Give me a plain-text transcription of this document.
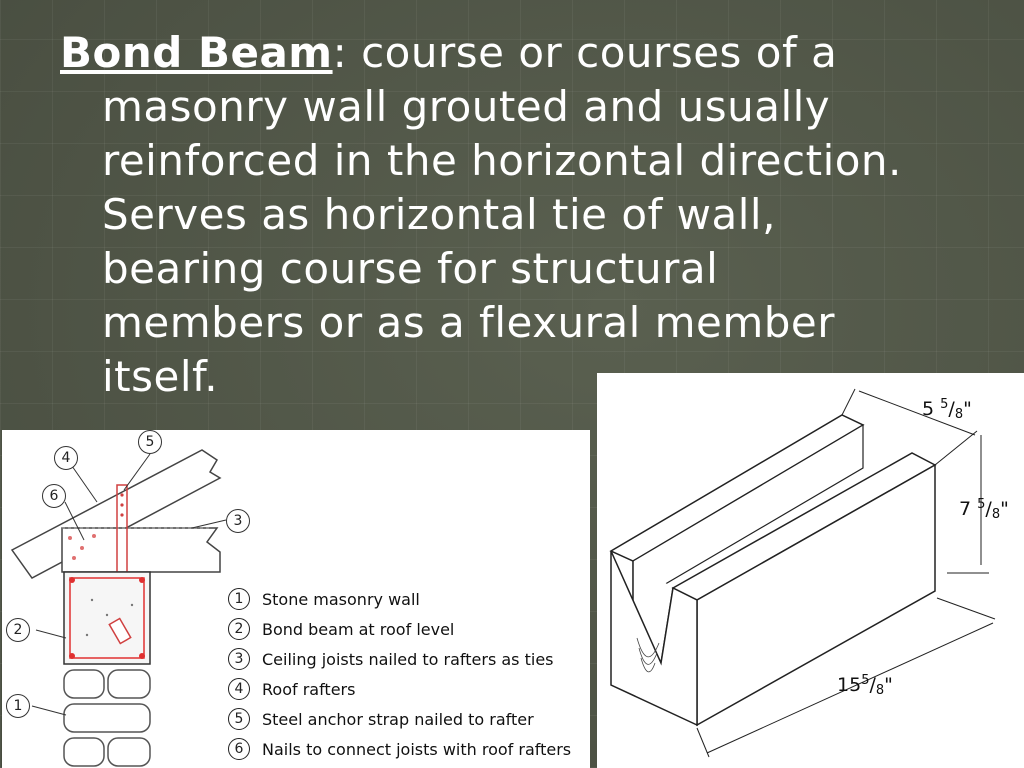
Bond Beam: course or courses of a
masonry wall grouted and usually
reinforced in the horizontal direction.
Serves as horizontal tie of wall,
bearing course for structural
members or as a flexural member
itself.
4
5
6
3
2
1
1	Stone masonry wall
2	Bond beam at roof level
3	Ceiling joists nailed to rafters as ties
4	Roof rafters
5	Steel anchor strap nailed to rafter
6	Nails to connect joists with roof rafters
5 $^5/_8$"
7 $^5/_8$"
$15^5/_8$"
